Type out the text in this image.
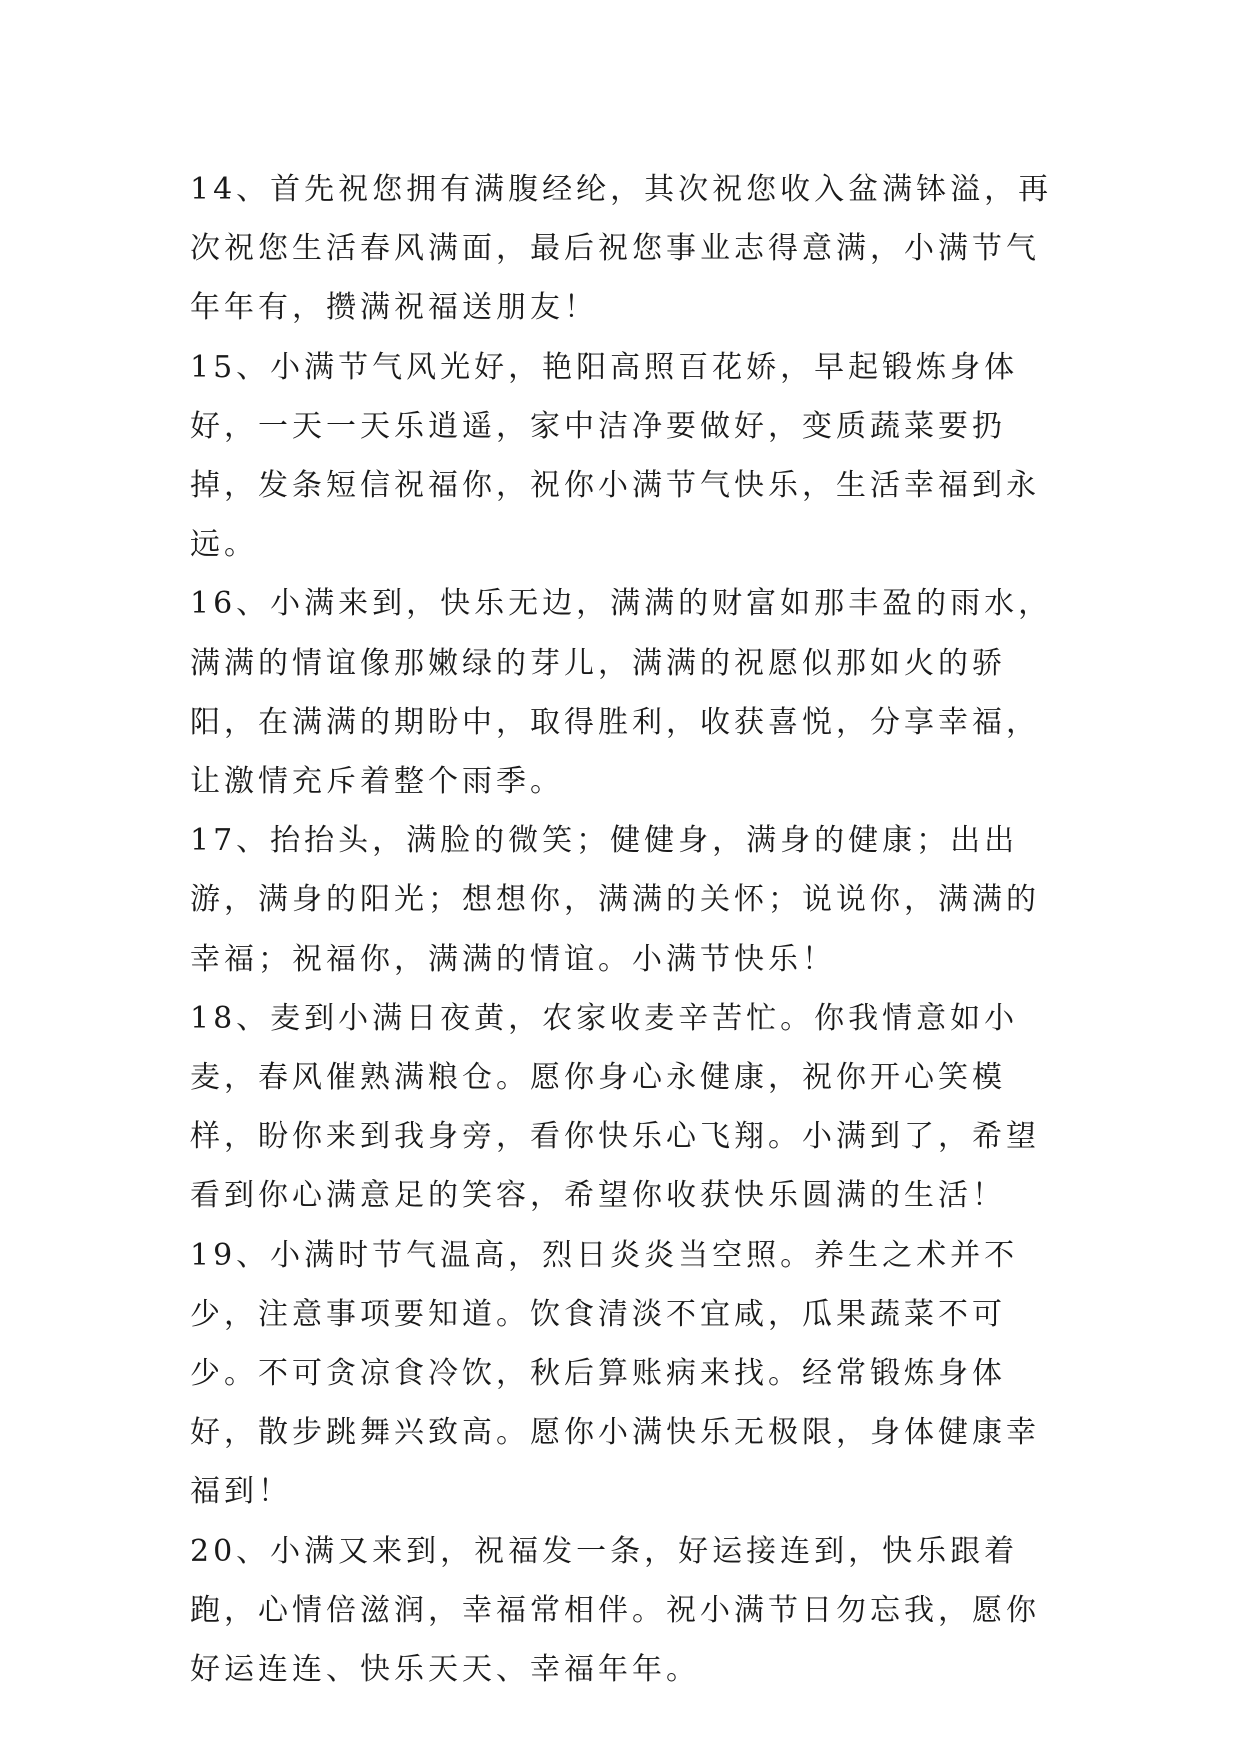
14、首先祝您拥有满腹经纶，其次祝您收入盆满钵溢，再次祝您生活春风满面，最后祝您事业志得意满，小满节气年年有，攒满祝福送朋友！

15、小满节气风光好，艳阳高照百花娇，早起锻炼身体好，一天一天乐逍遥，家中洁净要做好，变质蔬菜要扔掉，发条短信祝福你，祝你小满节气快乐，生活幸福到永远。

16、小满来到，快乐无边，满满的财富如那丰盈的雨水，满满的情谊像那嫩绿的芽儿，满满的祝愿似那如火的骄阳，在满满的期盼中，取得胜利，收获喜悦，分享幸福，让激情充斥着整个雨季。

17、抬抬头，满脸的微笑；健健身，满身的健康；出出游，满身的阳光；想想你，满满的关怀；说说你，满满的幸福；祝福你，满满的情谊。小满节快乐！

18、麦到小满日夜黄，农家收麦辛苦忙。你我情意如小麦，春风催熟满粮仓。愿你身心永健康，祝你开心笑模样，盼你来到我身旁，看你快乐心飞翔。小满到了，希望看到你心满意足的笑容，希望你收获快乐圆满的生活！

19、小满时节气温高，烈日炎炎当空照。养生之术并不少，注意事项要知道。饮食清淡不宜咸，瓜果蔬菜不可少。不可贪凉食冷饮，秋后算账病来找。经常锻炼身体好，散步跳舞兴致高。愿你小满快乐无极限，身体健康幸福到！

20、小满又来到，祝福发一条，好运接连到，快乐跟着跑，心情倍滋润，幸福常相伴。祝小满节日勿忘我，愿你好运连连、快乐天天、幸福年年。
